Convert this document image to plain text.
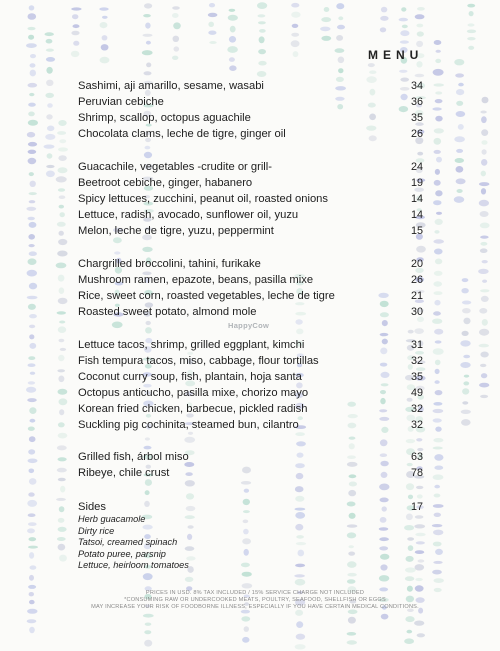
MENU
Sashimi, aji amarillo, sesame, wasabi	34
Peruvian cebiche	36
Shrimp, scallop, octopus aguachile	35
Chocolata clams, leche de tigre, ginger oil	26
Guacachile, vegetables -crudite or grill-	24
Beetroot cebiche, ginger, habanero	19
Spicy lettuces, zucchini, peanut oil, roasted onions	14
Lettuce, radish, avocado, sunflower oil, yuzu	14
Melon, leche de tigre, yuzu, peppermint	15
Chargrilled broccolini, tahini, furikake	20
Mushroom ramen, epazote, beans, pasilla mixe	26
Rice, sweet corn, roasted vegetables, leche de tigre	21
Roasted sweet potato, almond mole	30
Lettuce tacos, shrimp, grilled eggplant, kimchi	31
Fish tempura tacos, miso, cabbage, flour tortillas	32
Coconut curry soup, fish, plantain, hoja santa	35
Octopus anticucho, pasilla mixe, chorizo mayo	49
Korean fried chicken, barbecue, pickled radish	32
Suckling pig cochinita, steamed bun, cilantro	32
Grilled fish, árbol miso	63
Ribeye, chile crust	78
Sides	17
Herb guacamole
Dirty rice
Tatsoi, creamed spinach
Potato puree, parsnip
Lettuce, heirloom tomatoes
HappyCow
PRICES IN USD. 8% TAX INCLUDED / 15% SERVICE CHARGE NOT INCLUDED
*CONSUMING RAW OR UNDERCOOKED MEATS, POULTRY, SEAFOOD, SHELLFISH OR EGGS
MAY INCREASE YOUR RISK OF FOODBORNE ILLNESS, ESPECIALLY IF YOU HAVE CERTAIN MEDICAL CONDITIONS.
